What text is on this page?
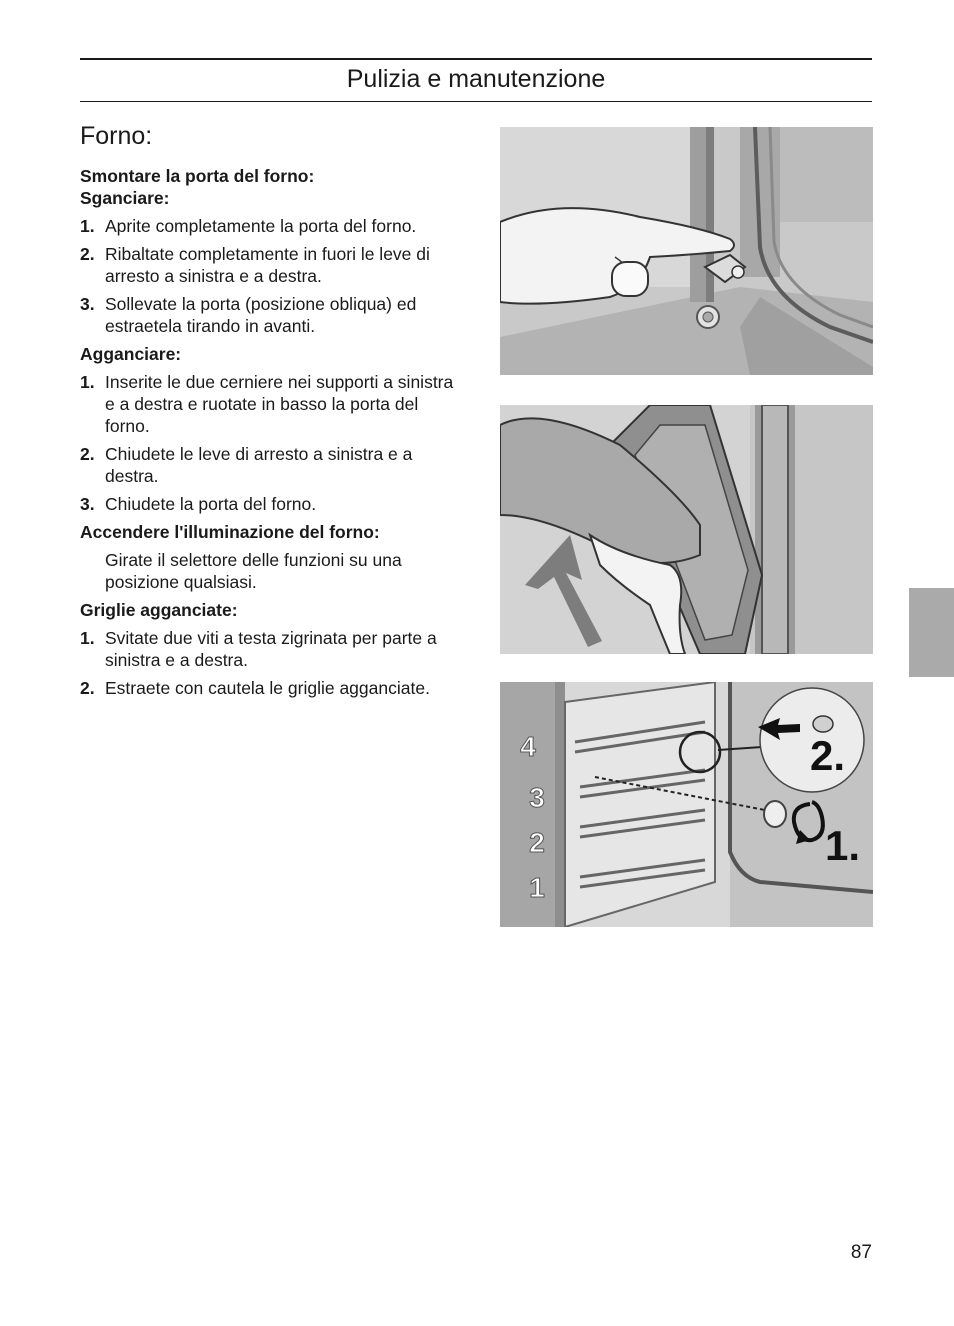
Pulizia e manutenzione
Forno:
Smontare la porta del forno:
Sganciare:
1. Aprite completamente la porta del forno.
2. Ribaltate completamente in fuori le leve di arresto a sinistra e a destra.
3. Sollevate la porta (posizione obliqua) ed estraetela tirando in avanti.
Agganciare:
1. Inserite le due cerniere nei supporti a sinistra e a destra e ruotate in basso la porta del forno.
2. Chiudete le leve di arresto a sinistra e a destra.
3. Chiudete la porta del forno.
Accendere l'illuminazione del forno:
Girate il selettore delle funzioni su una posizione qualsiasi.
Griglie agganciate:
1. Svitate due viti a testa zigrinata per parte a sinistra e a destra.
2. Estraete con cautela le griglie agganciate.
4
3
2
1
2.
1.
87
